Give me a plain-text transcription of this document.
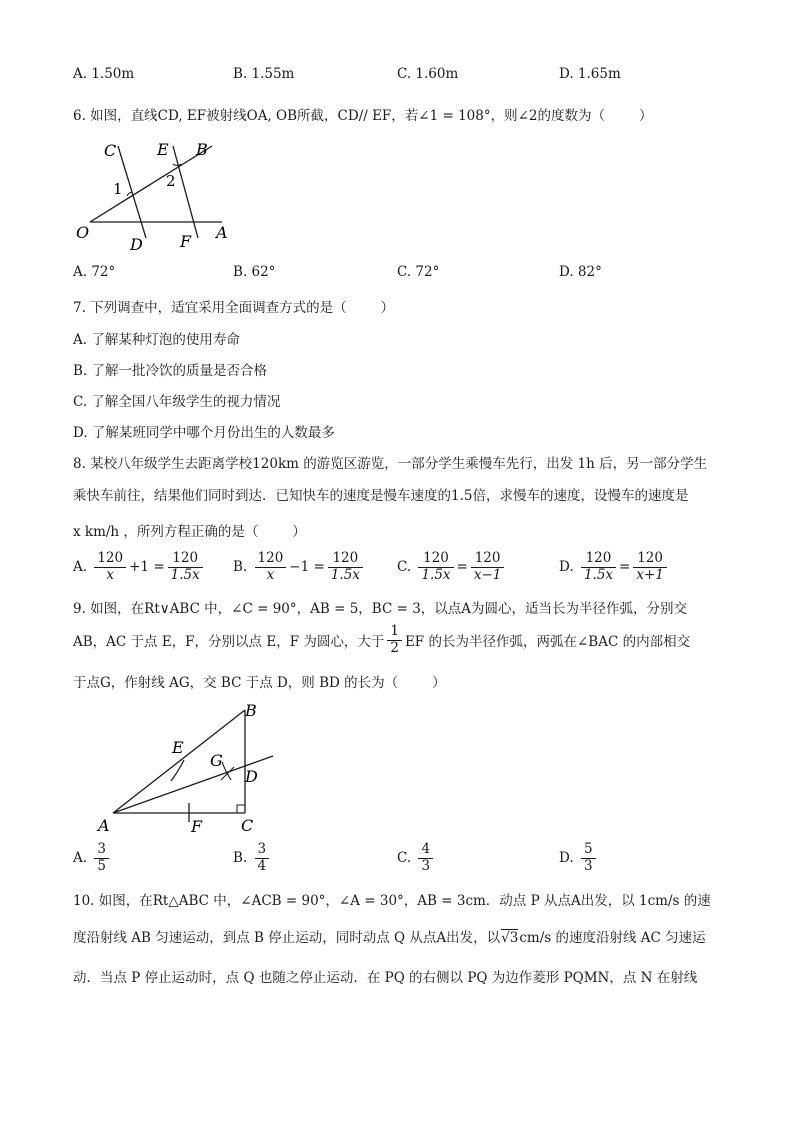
A. 1.50m	B. 1.55m	C. 1.60m	D. 1.65m
6. 如图，直线CD, EF被射线OA, OB所截，CD// EF，若∠1 = 108°，则∠2的度数为（	）
C	E B
1	2
O
D F A
A. 72°	B. 62°	C. 72°	D. 82°
7. 下列调查中，适宜采用全面调查方式的是（	）
A. 了解某种灯泡的使用寿命
B. 了解一批冷饮的质量是否合格
C. 了解全国八年级学生的视力情况
D. 了解某班同学中哪个月份出生的人数最多
8. 某校八年级学生去距离学校120km 的游览区游览，一部分学生乘慢车先行，出发 1h 后，另一部分学生
乘快车前往，结果他们同时到达．已知快车的速度是慢车速度的1.5倍，求慢车的速度，设慢车的速度是
x km/h ，所列方程正确的是（	）
A. $\frac{120}{x} +1 = \frac{120}{1.5x} B$. $\frac{120}{x} -1 = \frac{120}{1.5x}$	C. $\frac{120}{1.5x} = \frac{120}{x-1}$	D. $\frac{120}{1.5x} = \frac{120}{x+1}$
9. 如图，在Rt∨ABC 中，∠C = 90°，AB = 5，BC = 3，以点A为圆心，适当长为半径作弧，分别交
AB，AC 于点 E，F，分别以点 E，F 为圆心，大于 $\frac{1}{2}$ EF 的长为半径作弧，两弧在∠BAC 的内部相交
于点G，作射线 AG，交 BC 于点 D，则 BD 的长为（	）
B
E
G
D
A	F C
A. $\frac{3}{5}$	B. $\frac{3}{4}$	C. $\frac{4}{3}$	D. $\frac{5}{3}$
10. 如图，在Rt△ABC 中，∠ACB = 90°，∠A = 30°，AB = 3cm．动点 P 从点A出发，以 1cm/s 的速
度沿射线 AB 匀速运动，到点 B 停止运动，同时动点 Q 从点A出发，以√3cm/s 的速度沿射线 AC 匀速运
动．当点 P 停止运动时，点 Q 也随之停止运动．在 PQ 的右侧以 PQ 为边作菱形 PQMN，点 N 在射线
